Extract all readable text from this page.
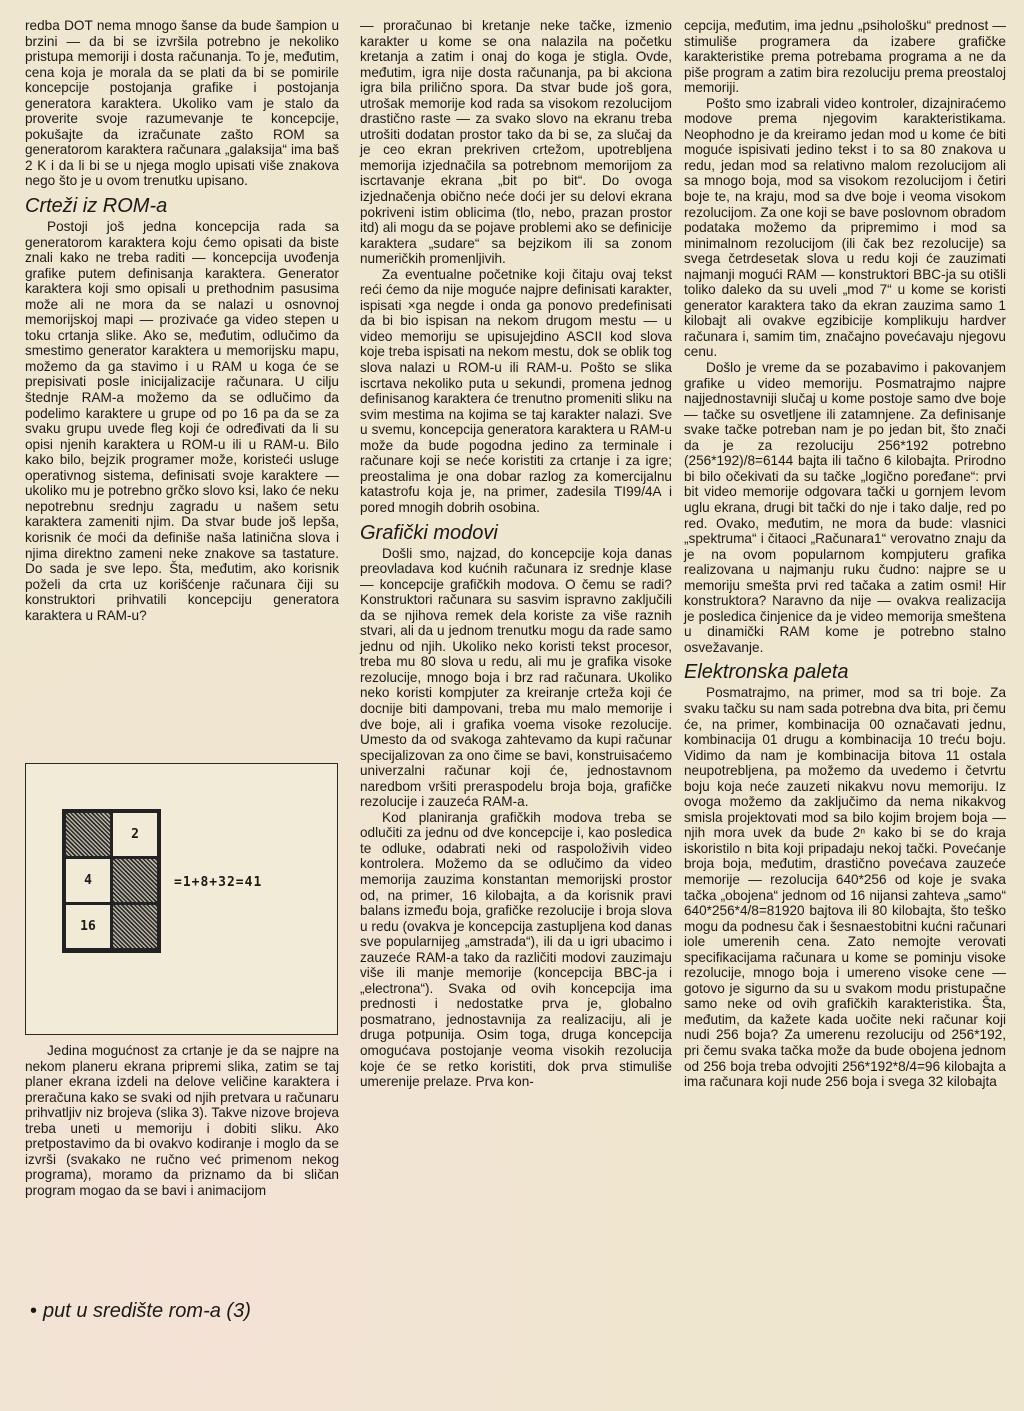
redba DOT nema mnogo šanse da bude šampion u brzini — da bi se izvršila potrebno je nekoliko pristupa memoriji i dosta računanja. To je, međutim, cena koja je morala da se plati da bi se pomirile koncepcije postojanja grafike i postojanja generatora karaktera. Ukoliko vam je stalo da proverite svoje razumevanje te koncepcije, pokušajte da izračunate zašto ROM sa generatorom karaktera računara „galaksija“ ima baš 2 K i da li bi se u njega moglo upisati više znakova nego što je u ovom trenutku upisano.

Crteži iz ROM-a

Postoji još jedna koncepcija rada sa generatorom karaktera koju ćemo opisati da biste znali kako ne treba raditi — koncepcija uvođenja grafike putem definisanja karaktera. Generator karaktera koji smo opisali u prethodnim pasusima može ali ne mora da se nalazi u osnovnoj memorijskoj mapi — prozivaće ga video stepen u toku crtanja slike. Ako se, međutim, odlučimo da smestimo generator karaktera u memorijsku mapu, možemo da ga stavimo i u RAM u koga će se prepisivati posle inicijalizacije računara. U cilju štednje RAM-a možemo da se odlučimo da podelimo karaktere u grupe od po 16 pa da se za svaku grupu uvede fleg koji će određivati da li su opisi njenih karaktera u ROM-u ili u RAM-u. Bilo kako bilo, bejzik programer može, koristeći usluge operativnog sistema, definisati svoje karaktere — ukoliko mu je potrebno grčko slovo ksi, lako će neku nepotrebnu srednju zagradu u našem setu karaktera zameniti njim. Da stvar bude još lepša, korisnik će moći da definiše naša latinična slova i njima direktno zameni neke znakove sa tastature. Do sada je sve lepo. Šta, međutim, ako korisnik poželi da crta uz korišćenje računara čiji su konstruktori prihvatili koncepciju generatora karaktera u RAM-u?

2
4
16
=1+8+32=41

Jedina mogućnost za crtanje je da se najpre na nekom planeru ekrana pripremi slika, zatim se taj planer ekrana izdeli na delove veličine karaktera i preračuna kako se svaki od njih pretvara u računaru prihvatljiv niz brojeva (slika 3). Takve nizove brojeva treba uneti u memoriju i dobiti sliku. Ako pretpostavimo da bi ovakvo kodiranje i moglo da se izvrši (svakako ne ručno već primenom nekog programa), moramo da priznamo da bi sličan program mogao da se bavi i animacijom

• put u središte rom-a (3)

— proračunao bi kretanje neke tačke, izmenio karakter u kome se ona nalazila na početku kretanja a zatim i onaj do koga je stigla. Ovde, međutim, igra nije dosta računanja, pa bi akciona igra bila prilično spora. Da stvar bude još gora, utrošak memorije kod rada sa visokom rezolucijom drastično raste — za svako slovo na ekranu treba utrošiti dodatan prostor tako da bi se, za slučaj da je ceo ekran prekriven crtežom, upotrebljena memorija izjednačila sa potrebnom memorijom za iscrtavanje ekrana „bit po bit“. Do ovoga izjednačenja obično neće doći jer su delovi ekrana pokriveni istim oblicima (tlo, nebo, prazan prostor itd) ali mogu da se pojave problemi ako se definicije karaktera „sudare“ sa bejzikom ili sa zonom numeričkih promenljivih.

Za eventualne početnike koji čitaju ovaj tekst reći ćemo da nije moguće najpre definisati karakter, ispisati ×ga negde i onda ga ponovo predefinisati da bi bio ispisan na nekom drugom mestu — u video memoriju se upisujejdino ASCII kod slova koje treba ispisati na nekom mestu, dok se oblik tog slova nalazi u ROM-u ili RAM-u. Pošto se slika iscrtava nekoliko puta u sekundi, promena jednog definisanog karaktera će trenutno promeniti sliku na svim mestima na kojima se taj karakter nalazi. Sve u svemu, koncepcija generatora karaktera u RAM-u može da bude pogodna jedino za terminale i računare koji se neće koristiti za crtanje i za igre; preostalima je ona dobar razlog za komercijalnu katastrofu koja je, na primer, zadesila TI99/4A i pored mnogih dobrih osobina.

Grafički modovi

Došli smo, najzad, do koncepcije koja danas preovladava kod kućnih računara iz srednje klase — koncepcije grafičkih modova. O čemu se radi? Konstruktori računara su sasvim ispravno zaključili da se njihova remek dela koriste za više raznih stvari, ali da u jednom trenutku mogu da rade samo jednu od njih. Ukoliko neko koristi tekst procesor, treba mu 80 slova u redu, ali mu je grafika visoke rezolucije, mnogo boja i brz rad računara. Ukoliko neko koristi kompjuter za kreiranje crteža koji će docnije biti dampovani, treba mu malo memorije i dve boje, ali i grafika voema visoke rezolucije. Umesto da od svakoga zahtevamo da kupi računar specijalizovan za ono čime se bavi, konstruisaćemo univerzalni računar koji će, jednostavnom naredbom vršiti preraspodelu broja boja, grafičke rezolucije i zauzeća RAM-a.

Kod planiranja grafičkih modova treba se odlučiti za jednu od dve koncepcije i, kao posledica te odluke, odabrati neki od raspoloživih video kontrolera. Možemo da se odlučimo da video memorija zauzima konstantan memorijski prostor od, na primer, 16 kilobajta, a da korisnik pravi balans između boja, grafičke rezolucije i broja slova u redu (ovakva je koncepcija zastupljena kod danas sve popularnijeg „amstrada“), ili da u igri ubacimo i zauzeće RAM-a tako da različiti modovi zauzimaju više ili manje memorije (koncepcija BBC-ja i „electrona“). Svaka od ovih koncepcija ima prednosti i nedostatke prva je, globalno posmatrano, jednostavnija za realizaciju, ali je druga potpunija. Osim toga, druga koncepcija omogućava postojanje veoma visokih rezolucija koje će se retko koristiti, dok prva stimuliše umerenije prelaze. Prva kon-

cepcija, međutim, ima jednu „psihološku“ prednost — stimuliše programera da izabere grafičke karakteristike prema potrebama programa a ne da piše program a zatim bira rezoluciju prema preostaloj memoriji.

Pošto smo izabrali video kontroler, dizajniraćemo modove prema njegovim karakteristikama. Neophodno je da kreiramo jedan mod u kome će biti moguće ispisivati jedino tekst i to sa 80 znakova u redu, jedan mod sa relativno malom rezolucijom ali sa mnogo boja, mod sa visokom rezolucijom i četiri boje te, na kraju, mod sa dve boje i veoma visokom rezolucijom. Za one koji se bave poslovnom obradom podataka možemo da pripremimo i mod sa minimalnom rezolucijom (ili čak bez rezolucije) sa svega četrdesetak slova u redu koji će zauzimati najmanji mogući RAM — konstruktori BBC-ja su otišli toliko daleko da su uveli „mod 7“ u kome se koristi generator karaktera tako da ekran zauzima samo 1 kilobajt ali ovakve egzibicije komplikuju hardver računara i, samim tim, značajno povećavaju njegovu cenu.

Došlo je vreme da se pozabavimo i pakovanjem grafike u video memoriju. Posmatrajmo najpre najjednostavniji slučaj u kome postoje samo dve boje — tačke su osvetljene ili zatamnjene. Za definisanje svake tačke potreban nam je po jedan bit, što znači da je za rezoluciju 256*192 potrebno (256*192)/8=6144 bajta ili tačno 6 kilobajta. Prirodno bi bilo očekivati da su tačke „logično poređane“: prvi bit video memorije odgovara tački u gornjem levom uglu ekrana, drugi bit tački do nje i tako dalje, red po red. Ovako, međutim, ne mora da bude: vlasnici „spektruma“ i čitaoci „Računara1“ verovatno znaju da je na ovom popularnom kompjuteru grafika realizovana u najmanju ruku čudno: najpre se u memoriju smešta prvi red tačaka a zatim osmi! Hir konstruktora? Naravno da nije — ovakva realizacija je posledica činjenice da je video memorija smeštena u dinamički RAM kome je potrebno stalno osvežavanje.

Elektronska paleta

Posmatrajmo, na primer, mod sa tri boje. Za svaku tačku su nam sada potrebna dva bita, pri čemu će, na primer, kombinacija 00 označavati jednu, kombinacija 01 drugu a kombinacija 10 treću boju. Vidimo da nam je kombinacija bitova 11 ostala neupotrebljena, pa možemo da uvedemo i četvrtu boju koja neće zauzeti nikakvu novu memoriju. Iz ovoga možemo da zaključimo da nema nikakvog smisla projektovati mod sa bilo kojim brojem boja — njih mora uvek da bude 2ⁿ kako bi se do kraja iskoristilo n bita koji pripadaju nekoj tački. Povećanje broja boja, međutim, drastično povećava zauzeće memorije — rezolucija 640*256 od koje je svaka tačka „obojena“ jednom od 16 nijansi zahteva „samo“ 640*256*4/8=81920 bajtova ili 80 kilobajta, što teško mogu da podnesu čak i šesnaestobitni kućni računari iole umerenih cena. Zato nemojte verovati specifikacijama računara u kome se pominju visoke rezolucije, mnogo boja i umereno visoke cene — gotovo je sigurno da su u svakom modu pristupačne samo neke od ovih grafičkih karakteristika. Šta, međutim, da kažete kada uočite neki računar koji nudi 256 boja? Za umerenu rezoluciju od 256*192, pri čemu svaka tačka može da bude obojena jednom od 256 boja treba odvojiti 256*192*8/4=96 kilobajta a ima računara koji nude 256 boja i svega 32 kilobajta
